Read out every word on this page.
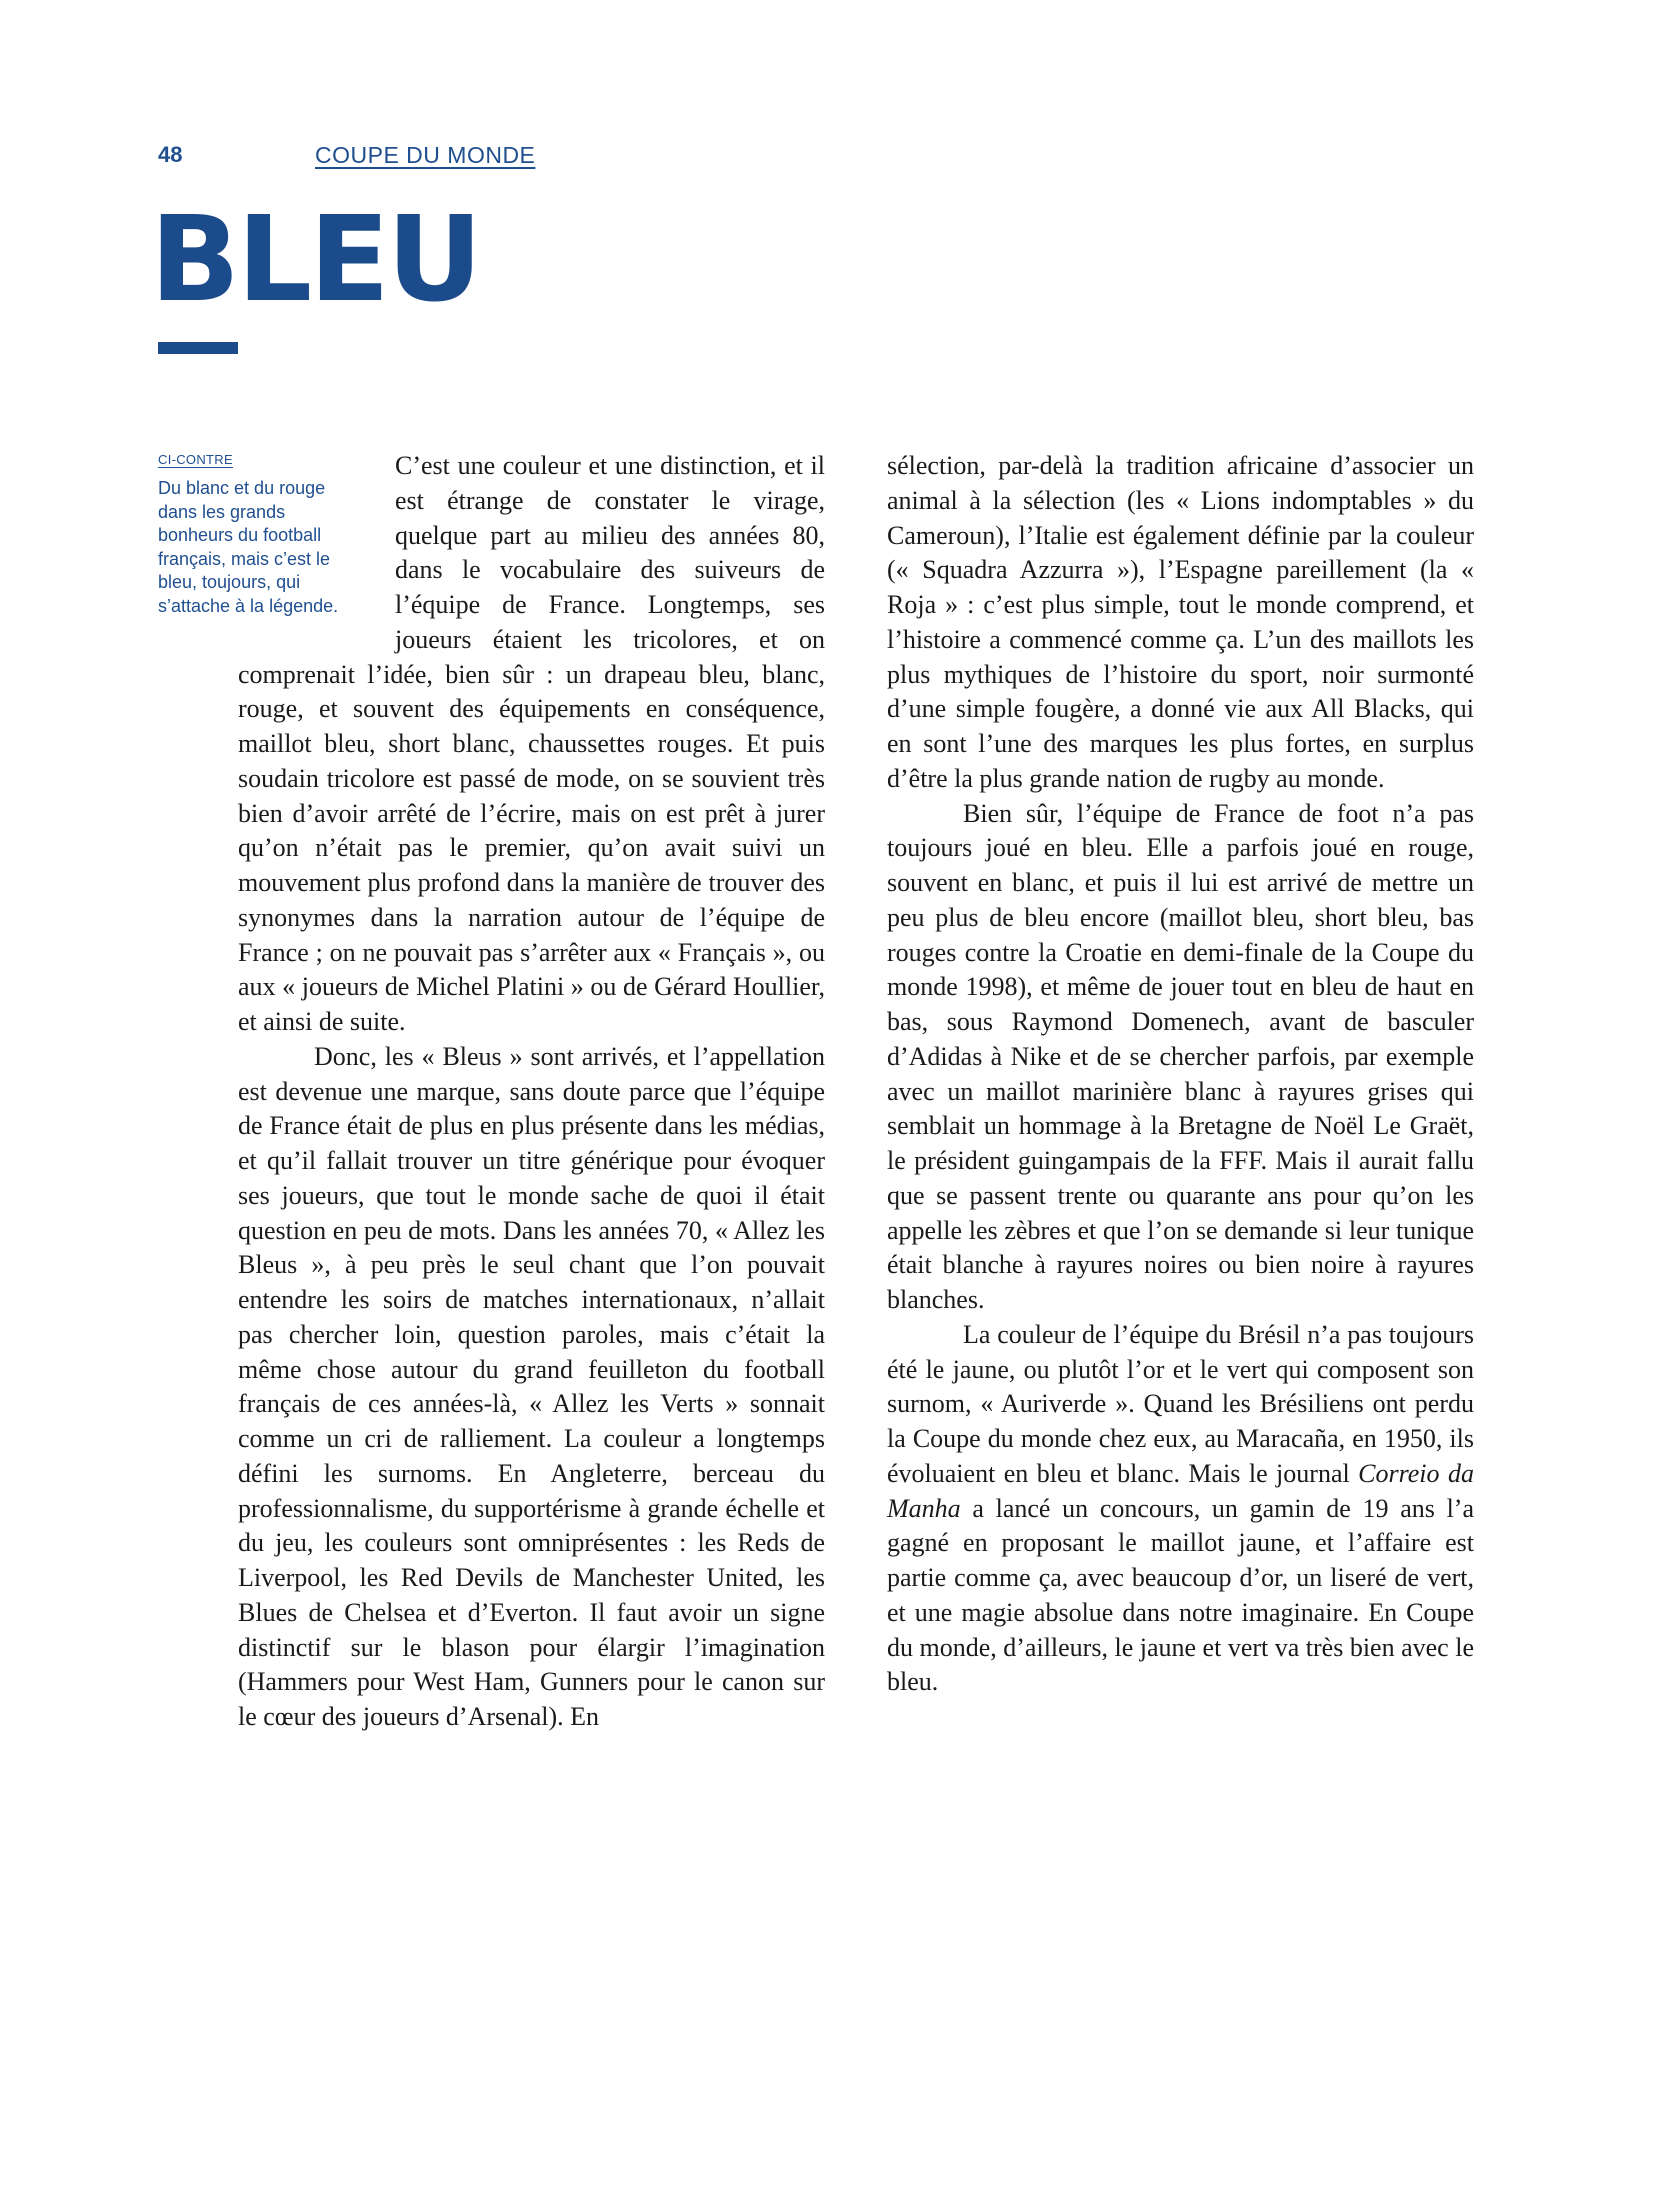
48	COUPE DU MONDE
BLEU
CI-CONTRE
Du blanc et du rouge dans les grands bonheurs du football français, mais c’est le bleu, toujours, qui s’attache à la légende.

C’est une couleur et une distinction, et il est étrange de constater le virage, quelque part au milieu des années 80, dans le vocabulaire des suiveurs de l’équipe de France. Longtemps, ses joueurs étaient les tricolores, et on comprenait l’idée, bien sûr : un drapeau bleu, blanc, rouge, et souvent des équipements en conséquence, maillot bleu, short blanc, chaussettes rouges. Et puis soudain tricolore est passé de mode, on se souvient très bien d’avoir arrêté de l’écrire, mais on est prêt à jurer qu’on n’était pas le premier, qu’on avait suivi un mouvement plus profond dans la manière de trouver des synonymes dans la narration autour de l’équipe de France ; on ne pouvait pas s’arrêter aux « Français », ou aux « joueurs de Michel Platini » ou de Gérard Houllier, et ainsi de suite.

Donc, les « Bleus » sont arrivés, et l’appellation est devenue une marque, sans doute parce que l’équipe de France était de plus en plus présente dans les médias, et qu’il fallait trouver un titre générique pour évoquer ses joueurs, que tout le monde sache de quoi il était question en peu de mots. Dans les années 70, « Allez les Bleus », à peu près le seul chant que l’on pouvait entendre les soirs de matches internationaux, n’allait pas chercher loin, question paroles, mais c’était la même chose autour du grand feuilleton du football français de ces années-là, « Allez les Verts » sonnait comme un cri de ralliement. La couleur a longtemps défini les surnoms. En Angleterre, berceau du professionnalisme, du supportérisme à grande échelle et du jeu, les couleurs sont omniprésentes : les Reds de Liverpool, les Red Devils de Manchester United, les Blues de Chelsea et d’Everton. Il faut avoir un signe distinctif sur le blason pour élargir l’imagination (Hammers pour West Ham, Gunners pour le canon sur le cœur des joueurs d’Arsenal). En

sélection, par-delà la tradition africaine d’associer un animal à la sélection (les « Lions indomptables » du Cameroun), l’Italie est également définie par la couleur (« Squadra Azzurra »), l’Espagne pareillement (la « Roja » : c’est plus simple, tout le monde comprend, et l’histoire a commencé comme ça. L’un des maillots les plus mythiques de l’histoire du sport, noir surmonté d’une simple fougère, a donné vie aux All Blacks, qui en sont l’une des marques les plus fortes, en surplus d’être la plus grande nation de rugby au monde.

Bien sûr, l’équipe de France de foot n’a pas toujours joué en bleu. Elle a parfois joué en rouge, souvent en blanc, et puis il lui est arrivé de mettre un peu plus de bleu encore (maillot bleu, short bleu, bas rouges contre la Croatie en demi-finale de la Coupe du monde 1998), et même de jouer tout en bleu de haut en bas, sous Raymond Domenech, avant de basculer d’Adidas à Nike et de se chercher parfois, par exemple avec un maillot marinière blanc à rayures grises qui semblait un hommage à la Bretagne de Noël Le Graët, le président guingampais de la FFF. Mais il aurait fallu que se passent trente ou quarante ans pour qu’on les appelle les zèbres et que l’on se demande si leur tunique était blanche à rayures noires ou bien noire à rayures blanches.

La couleur de l’équipe du Brésil n’a pas toujours été le jaune, ou plutôt l’or et le vert qui composent son surnom, « Auriverde ». Quand les Brésiliens ont perdu la Coupe du monde chez eux, au Maracaña, en 1950, ils évoluaient en bleu et blanc. Mais le journal Correio da Manha a lancé un concours, un gamin de 19 ans l’a gagné en proposant le maillot jaune, et l’affaire est partie comme ça, avec beaucoup d’or, un liseré de vert, et une magie absolue dans notre imaginaire. En Coupe du monde, d’ailleurs, le jaune et vert va très bien avec le bleu.
